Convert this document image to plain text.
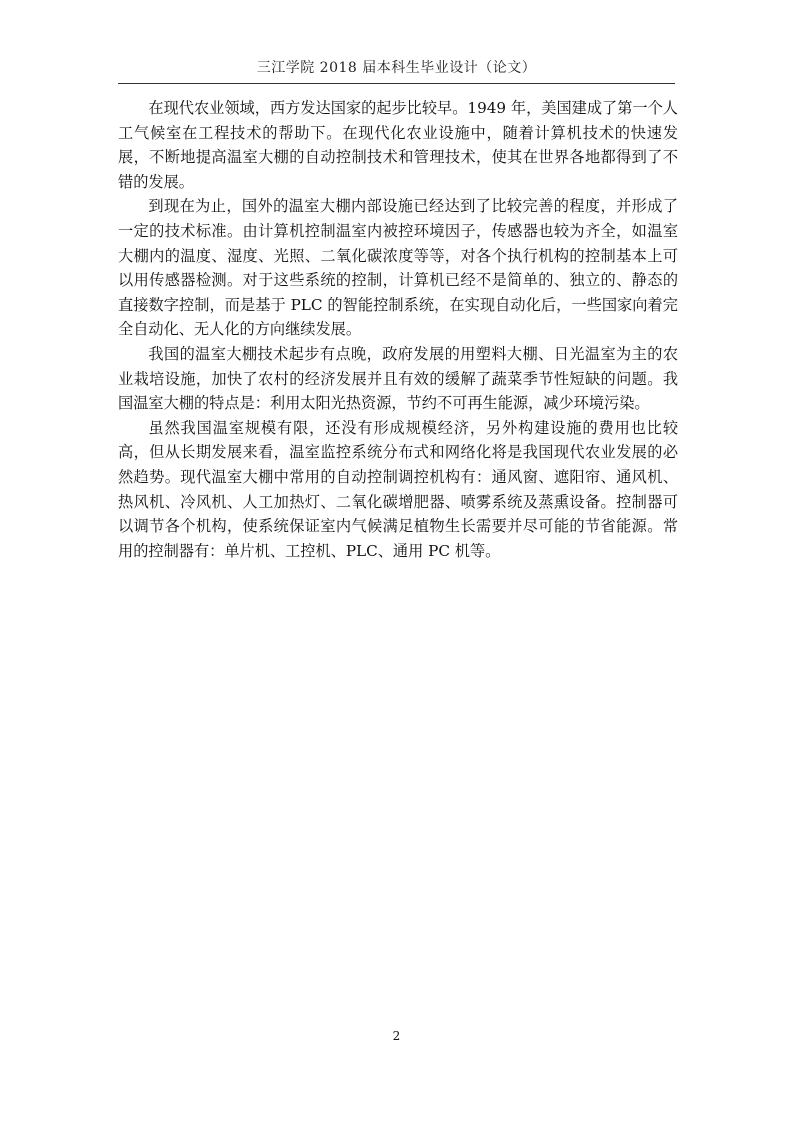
三江学院 2018 届本科生毕业设计（论文）

在现代农业领域，西方发达国家的起步比较早。1949 年，美国建成了第一个人工气候室在工程技术的帮助下。在现代化农业设施中，随着计算机技术的快速发展，不断地提高温室大棚的自动控制技术和管理技术，使其在世界各地都得到了不错的发展。

到现在为止，国外的温室大棚内部设施已经达到了比较完善的程度，并形成了一定的技术标准。由计算机控制温室内被控环境因子，传感器也较为齐全，如温室大棚内的温度、湿度、光照、二氧化碳浓度等等，对各个执行机构的控制基本上可以用传感器检测。对于这些系统的控制，计算机已经不是简单的、独立的、静态的直接数字控制，而是基于 PLC 的智能控制系统，在实现自动化后，一些国家向着完全自动化、无人化的方向继续发展。

我国的温室大棚技术起步有点晚，政府发展的用塑料大棚、日光温室为主的农业栽培设施，加快了农村的经济发展并且有效的缓解了蔬菜季节性短缺的问题。我国温室大棚的特点是：利用太阳光热资源，节约不可再生能源，减少环境污染。

虽然我国温室规模有限，还没有形成规模经济，另外构建设施的费用也比较高，但从长期发展来看，温室监控系统分布式和网络化将是我国现代农业发展的必然趋势。现代温室大棚中常用的自动控制调控机构有：通风窗、遮阳帘、通风机、热风机、冷风机、人工加热灯、二氧化碳增肥器、喷雾系统及蒸熏设备。控制器可以调节各个机构，使系统保证室内气候满足植物生长需要并尽可能的节省能源。常用的控制器有：单片机、工控机、PLC、通用 PC 机等。

2
